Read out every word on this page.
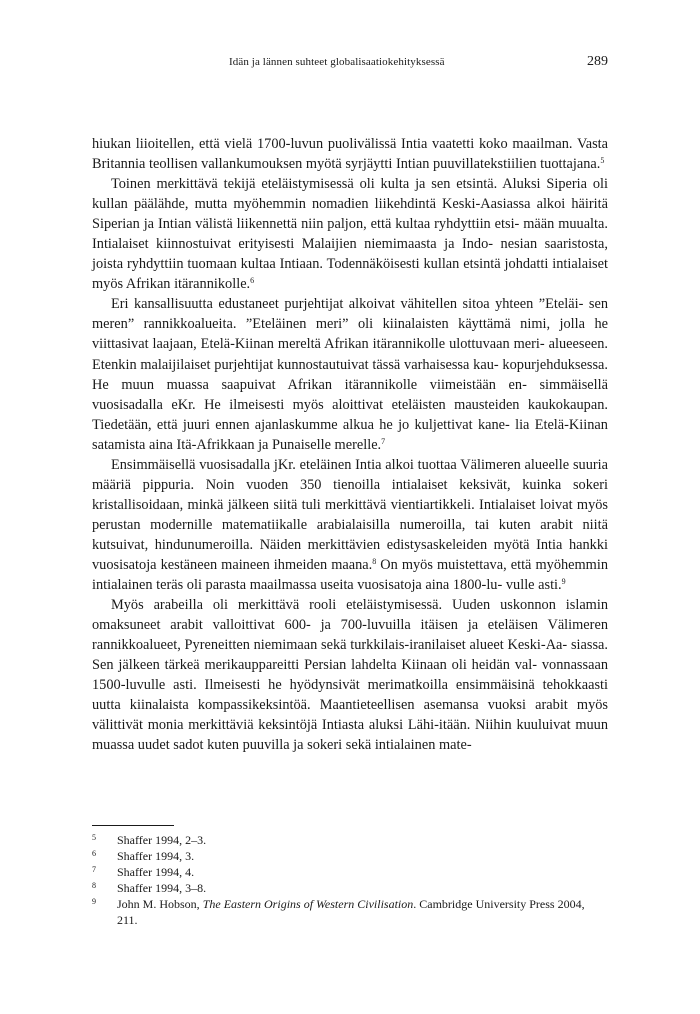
Idän ja lännen suhteet globalisaatiokehityksessä	289

hiukan liioitellen, että vielä 1700-luvun puolivälissä Intia vaatetti koko maailman. Vasta Britannia teollisen vallankumouksen myötä syrjäytti Intian puuvillatekstiilien tuottajana.$^5$

Toinen merkittävä tekijä eteläistymisessä oli kulta ja sen etsintä. Aluksi Siperia oli kullan päälähde, mutta myöhemmin nomadien liikehdintä Keski-Aasiassa alkoi häiritä Siperian ja Intian välistä liikennettä niin paljon, että kultaa ryhdyttiin etsi- mään muualta. Intialaiset kiinnostuivat erityisesti Malaijien niemimaasta ja Indo- nesian saaristosta, joista ryhdyttiin tuomaan kultaa Intiaan. Todennäköisesti kullan etsintä johdatti intialaiset myös Afrikan itärannikolle.$^6$

Eri kansallisuutta edustaneet purjehtijat alkoivat vähitellen sitoa yhteen ”Eteläi- sen meren” rannikkoalueita. ”Eteläinen meri” oli kiinalaisten käyttämä nimi, jolla he viittasivat laajaan, Etelä-Kiinan mereltä Afrikan itärannikolle ulottuvaan meri- alueeseen. Etenkin malaijilaiset purjehtijat kunnostautuivat tässä varhaisessa kau- kopurjehduksessa. He muun muassa saapuivat Afrikan itärannikolle viimeistään en- simmäisellä vuosisadalla eKr. He ilmeisesti myös aloittivat eteläisten mausteiden kaukokaupan. Tiedetään, että juuri ennen ajanlaskumme alkua he jo kuljettivat kane- lia Etelä-Kiinan satamista aina Itä-Afrikkaan ja Punaiselle merelle.$^7$

Ensimmäisellä vuosisadalla jKr. eteläinen Intia alkoi tuottaa Välimeren alueelle suuria määriä pippuria. Noin vuoden 350 tienoilla intialaiset keksivät, kuinka sokeri kristallisoidaan, minkä jälkeen siitä tuli merkittävä vientiartikkeli. Intialaiset loivat myös perustan modernille matematiikalle arabialaisilla numeroilla, tai kuten arabit niitä kutsuivat, hindunumeroilla. Näiden merkittävien edistysaskeleiden myötä Intia hankki vuosisatoja kestäneen maineen ihmeiden maana.$^8$ On myös muistettava, että myöhemmin intialainen teräs oli parasta maailmassa useita vuosisatoja aina 1800-lu- vulle asti.$^9$

Myös arabeilla oli merkittävä rooli eteläistymisessä. Uuden uskonnon islamin omaksuneet arabit valloittivat 600- ja 700-luvuilla itäisen ja eteläisen Välimeren rannikkoalueet, Pyreneitten niemimaan sekä turkkilais-iranilaiset alueet Keski-Aa- siassa. Sen jälkeen tärkeä merikauppareitti Persian lahdelta Kiinaan oli heidän val- vonnassaan 1500-luvulle asti. Ilmeisesti he hyödynsivät merimatkoilla ensimmäisinä tehokkaasti uutta kiinalaista kompassikeksintöä. Maantieteellisen asemansa vuoksi arabit myös välittivät monia merkittäviä keksintöjä Intiasta aluksi Lähi-itään. Niihin kuuluivat muun muassa uudet sadot kuten puuvilla ja sokeri sekä intialainen mate-

5	Shaffer 1994, 2–3.
6	Shaffer 1994, 3.
7	Shaffer 1994, 4.
8	Shaffer 1994, 3–8.
9	John M. Hobson, The Eastern Origins of Western Civilisation. Cambridge University Press 2004, 211.
